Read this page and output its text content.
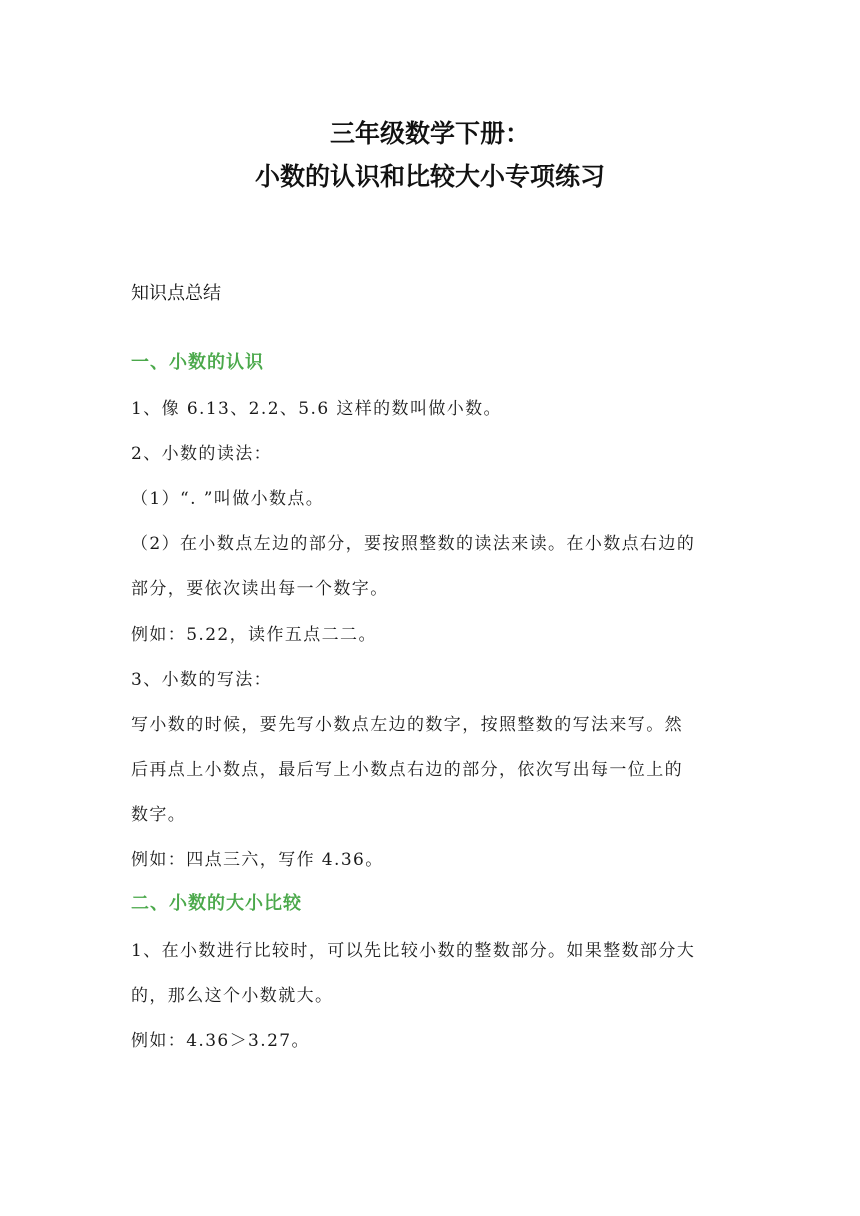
三年级数学下册：
小数的认识和比较大小专项练习
知识点总结
一、小数的认识
1、像 6.13、2.2、5.6 这样的数叫做小数。
2、小数的读法：
（1）“. ”叫做小数点。
（2）在小数点左边的部分，要按照整数的读法来读。在小数点右边的
部分，要依次读出每一个数字。
例如：5.22，读作五点二二。
3、小数的写法：
写小数的时候，要先写小数点左边的数字，按照整数的写法来写。然
后再点上小数点，最后写上小数点右边的部分，依次写出每一位上的
数字。
例如：四点三六，写作 4.36。
二、小数的大小比较
1、在小数进行比较时，可以先比较小数的整数部分。如果整数部分大
的，那么这个小数就大。
例如：4.36＞3.27。
